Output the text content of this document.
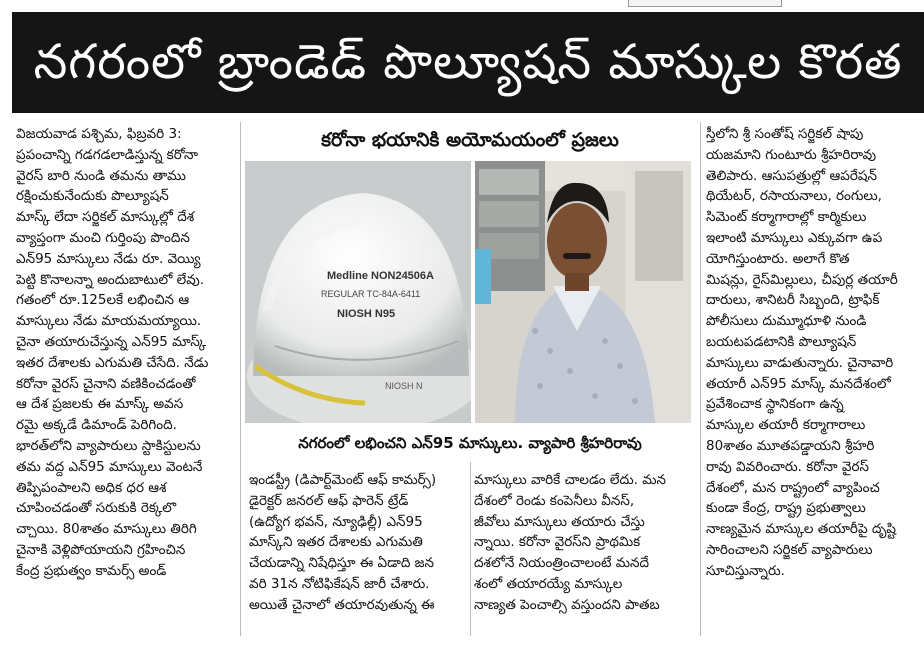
నగరంలో బ్రాండెడ్ పొల్యూషన్ మాస్కుల కొరత
విజయవాడ పశ్చిమ, ఫిబ్రవరి 3:
ప్రపంచాన్ని గడగడలాడిస్తున్న కరోనా
వైరస్ బారి నుండి తమను తాము
రక్షించుకునేందుకు పొల్యూషన్
మాస్క్ లేదా సర్జికల్ మాస్కుల్లో దేశ
వ్యాప్తంగా మంచి గుర్తింపు పొందిన
ఎన్95 మాస్కులు నేడు రూ. వెయ్యి
పెట్టి కొనాలన్నా అందుబాటులో లేవు.
గతంలో రూ.125లకే లభించిన ఆ
మాస్కులు నేడు మాయమయ్యాయి.
చైనా తయారుచేస్తున్న ఎన్95 మాస్క్
ఇతర దేశాలకు ఎగుమతి చేసేది. నేడు
కరోనా వైరస్ చైనాని వణికించడంతో
ఆ దేశ ప్రజలకు ఈ మాస్క్ అవస
రమై అక్కడే డిమాండ్ పెరిగింది.
భారత్‌లోని వ్యాపారులు స్టాకిస్టులను
తమ వద్ద ఎన్95 మాస్కులు వెంటనే
తిప్పిపంపాలని అధిక ధర ఆశ
చూపించడంతో సరుకుకి రెక్కలొ
చ్చాయి. 80శాతం మాస్కులు తిరిగి
చైనాకి వెళ్లిపోయాయని గ్రహించిన
కేంద్ర ప్రభుత్వం కామర్స్ అండ్
కరోనా భయానికి అయోమయంలో ప్రజలు
Medline NON24506A
REGULAR TC-84A-6411
NIOSH N95
NIOSH N
నగరంలో లభించని ఎన్95 మాస్కులు. వ్యాపారి శ్రీహరిరావు
ఇండస్ట్రీ (డిపార్ట్‌మెంట్ ఆఫ్ కామర్స్)
డైరెక్టర్ జనరల్ ఆఫ్ ఫారెన్ ట్రేడ్
(ఉద్యోగ భవన్, న్యూఢిల్లీ) ఎన్95
మాస్క్‌ని ఇతర దేశాలకు ఎగుమతి
చేయడాన్ని నిషేధిస్తూ ఈ ఏడాది జన
వరి 31న నోటిఫికేషన్ జారీ చేశారు.
అయితే చైనాలో తయారవుతున్న ఈ
మాస్కులు వారికే చాలడం లేదు. మన
దేశంలో రెండు కంపెనీలు వీనస్,
జీవోలు మాస్కులు తయారు చేస్తు
న్నాయి. కరోనా వైరస్‌ని ప్రాథమిక
దశలోనే నియంత్రించాలంటే మనదే
శంలో తయారయ్యే మాస్కుల
నాణ్యత పెంచాల్సి వస్తుందని పాతబ
స్తీలోని శ్రీ సంతోష్ సర్జికల్ షాపు
యజమాని గుంటూరు శ్రీహరిరావు
తెలిపారు. ఆసుపత్రుల్లో ఆపరేషన్
థియేటర్, రసాయనాలు, రంగులు,
సిమెంట్ కర్మాగారాల్లో కార్మికులు
ఇలాంటి మాస్కులు ఎక్కువగా ఉప
యోగిస్తుంటారు. అలాగే కొత
మిషన్లు, రైస్‌మిల్లులు, చీపుర్ల తయారీ
దారులు, శానిటరీ సిబ్బంది, ట్రాఫిక్
పోలీసులు దుమ్మూధూళి నుండి
బయటపడటానికి పొల్యూషన్
మాస్కులు వాడుతున్నారు. చైనావారి
తయారీ ఎన్95 మాస్క్ మనదేశంలో
ప్రవేశించాక స్థానికంగా ఉన్న
మాస్కుల తయారీ కర్మాగారాలు
80శాతం మూతపడ్డాయని శ్రీహరి
రావు వివరించారు. కరోనా వైరస్
దేశంలో, మన రాష్ట్రంలో వ్యాపించ
కుండా కేంద్ర, రాష్ట్ర ప్రభుత్వాలు
నాణ్యమైన మాస్కుల తయారీపై దృష్టి
సారించాలని సర్జికల్ వ్యాపారులు
సూచిస్తున్నారు.
